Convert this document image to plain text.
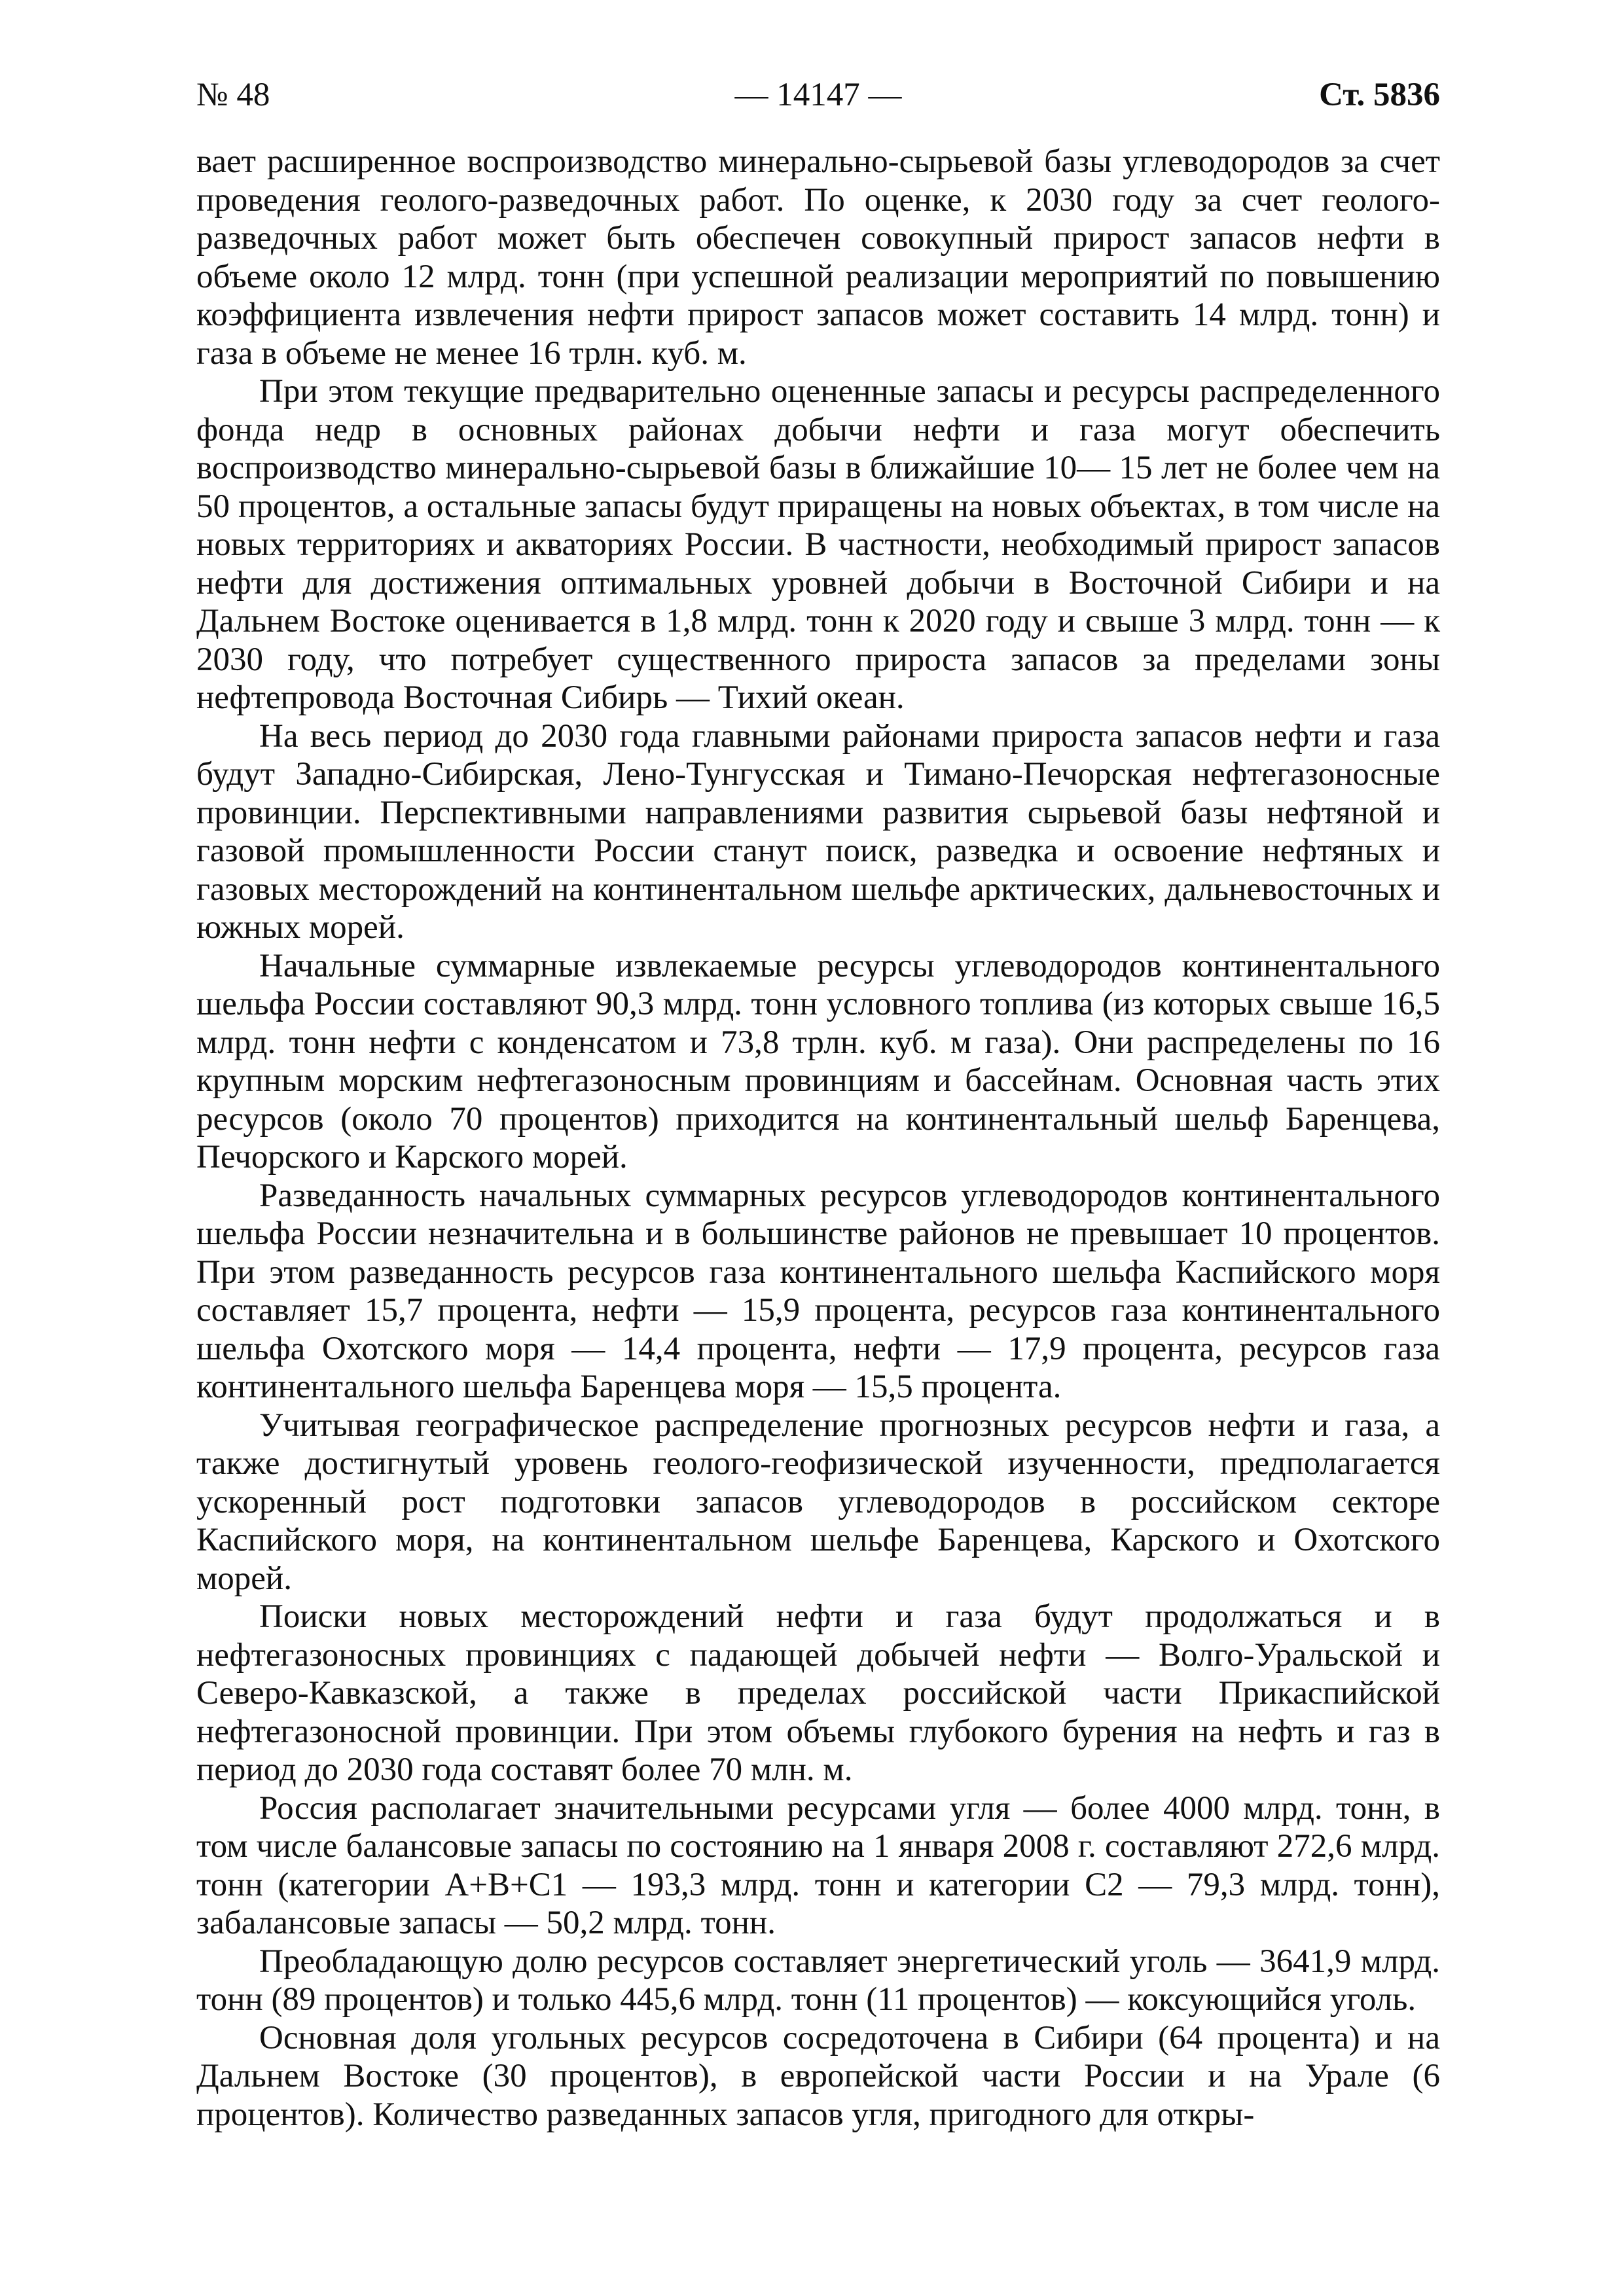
№ 48	— 14147 —	Ст. 5836

вает расширенное воспроизводство минерально-сырьевой базы углеводородов за счет проведения геолого-разведочных работ. По оценке, к 2030 году за счет геолого-разведочных работ может быть обеспечен совокупный прирост запасов нефти в объеме около 12 млрд. тонн (при успешной реализации мероприятий по повышению коэффициента извлечения нефти прирост запасов может составить 14 млрд. тонн) и газа в объеме не менее 16 трлн. куб. м.

При этом текущие предварительно оцененные запасы и ресурсы распределенного фонда недр в основных районах добычи нефти и газа могут обеспечить воспроизводство минерально-сырьевой базы в ближайшие 10— 15 лет не более чем на 50 процентов, а остальные запасы будут приращены на новых объектах, в том числе на новых территориях и акваториях России. В частности, необходимый прирост запасов нефти для достижения оптимальных уровней добычи в Восточной Сибири и на Дальнем Востоке оценивается в 1,8 млрд. тонн к 2020 году и свыше 3 млрд. тонн — к 2030 году, что потребует существенного прироста запасов за пределами зоны нефтепровода Восточная Сибирь — Тихий океан.

На весь период до 2030 года главными районами прироста запасов нефти и газа будут Западно-Сибирская, Лено-Тунгусская и Тимано-Печорская нефтегазоносные провинции. Перспективными направлениями развития сырьевой базы нефтяной и газовой промышленности России станут поиск, разведка и освоение нефтяных и газовых месторождений на континентальном шельфе арктических, дальневосточных и южных морей.

Начальные суммарные извлекаемые ресурсы углеводородов континентального шельфа России составляют 90,3 млрд. тонн условного топлива (из которых свыше 16,5 млрд. тонн нефти с конденсатом и 73,8 трлн. куб. м газа). Они распределены по 16 крупным морским нефтегазоносным провинциям и бассейнам. Основная часть этих ресурсов (около 70 процентов) приходится на континентальный шельф Баренцева, Печорского и Карского морей.

Разведанность начальных суммарных ресурсов углеводородов континентального шельфа России незначительна и в большинстве районов не превышает 10 процентов. При этом разведанность ресурсов газа континентального шельфа Каспийского моря составляет 15,7 процента, нефти — 15,9 процента, ресурсов газа континентального шельфа Охотского моря — 14,4 процента, нефти — 17,9 процента, ресурсов газа континентального шельфа Баренцева моря — 15,5 процента.

Учитывая географическое распределение прогнозных ресурсов нефти и газа, а также достигнутый уровень геолого-геофизической изученности, предполагается ускоренный рост подготовки запасов углеводородов в российском секторе Каспийского моря, на континентальном шельфе Баренцева, Карского и Охотского морей.

Поиски новых месторождений нефти и газа будут продолжаться и в нефтегазоносных провинциях с падающей добычей нефти — Волго-Уральской и Северо-Кавказской, а также в пределах российской части Прикаспийской нефтегазоносной провинции. При этом объемы глубокого бурения на нефть и газ в период до 2030 года составят более 70 млн. м.

Россия располагает значительными ресурсами угля — более 4000 млрд. тонн, в том числе балансовые запасы по состоянию на 1 января 2008 г. составляют 272,6 млрд. тонн (категории А+В+С1 — 193,3 млрд. тонн и категории С2 — 79,3 млрд. тонн), забалансовые запасы — 50,2 млрд. тонн.

Преобладающую долю ресурсов составляет энергетический уголь — 3641,9 млрд. тонн (89 процентов) и только 445,6 млрд. тонн (11 процентов) — коксующийся уголь.

Основная доля угольных ресурсов сосредоточена в Сибири (64 процента) и на Дальнем Востоке (30 процентов), в европейской части России и на Урале (6 процентов). Количество разведанных запасов угля, пригодного для откры-
